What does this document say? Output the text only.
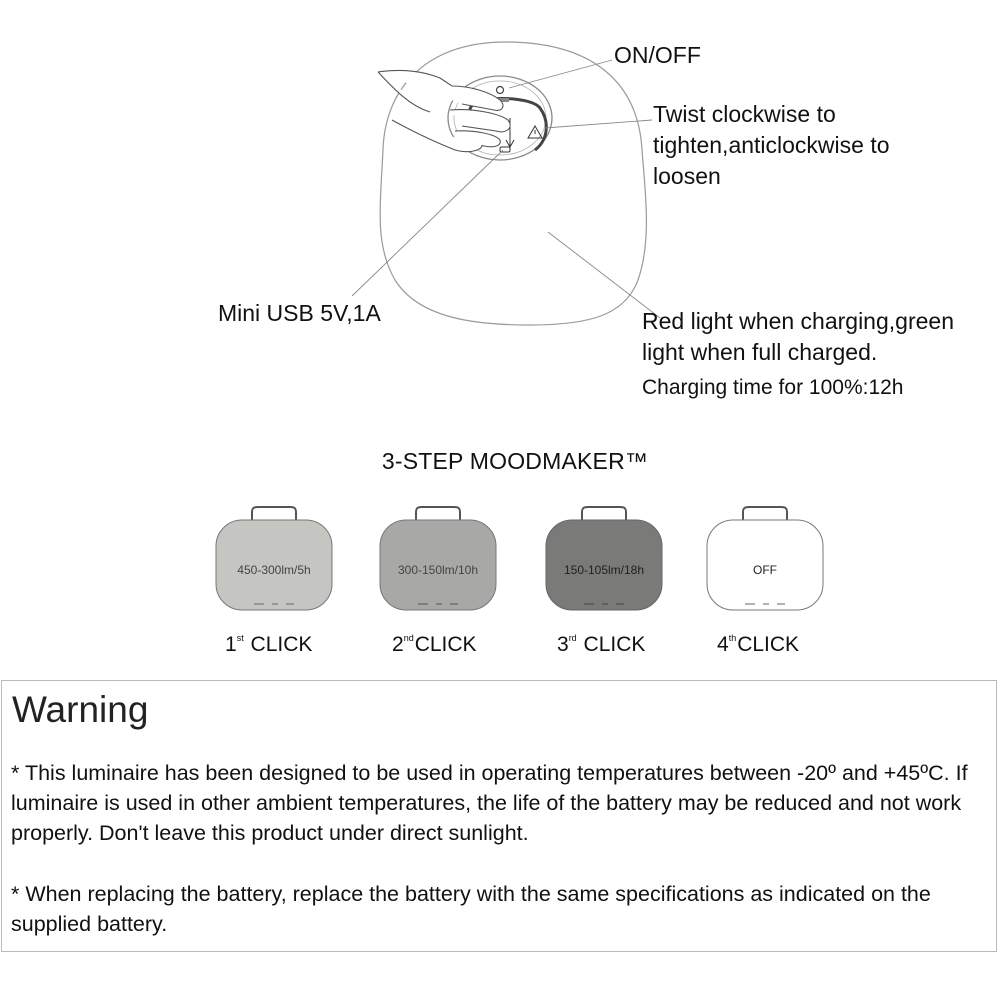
ON/OFF
Twist clockwise to
tighten,anticlockwise to
loosen
Mini USB 5V,1A	Red light when charging,green
light when full charged.
Charging time for 100%:12h
3-STEP MOODMAKER™
450-300lm/5h	300-150lm/10h	150-105lm/18h	OFF
1st CLICK	2ndCLICK	3rd CLICK	4thCLICK
Warning
* This luminaire has been designed to be used in operating temperatures between -20º and +45ºC. If luminaire is used in other ambient temperatures, the life of the battery may be reduced and not work properly. Don't leave this product under direct sunlight.
* When replacing the battery, replace the battery with the same specifications as indicated on the supplied battery.
